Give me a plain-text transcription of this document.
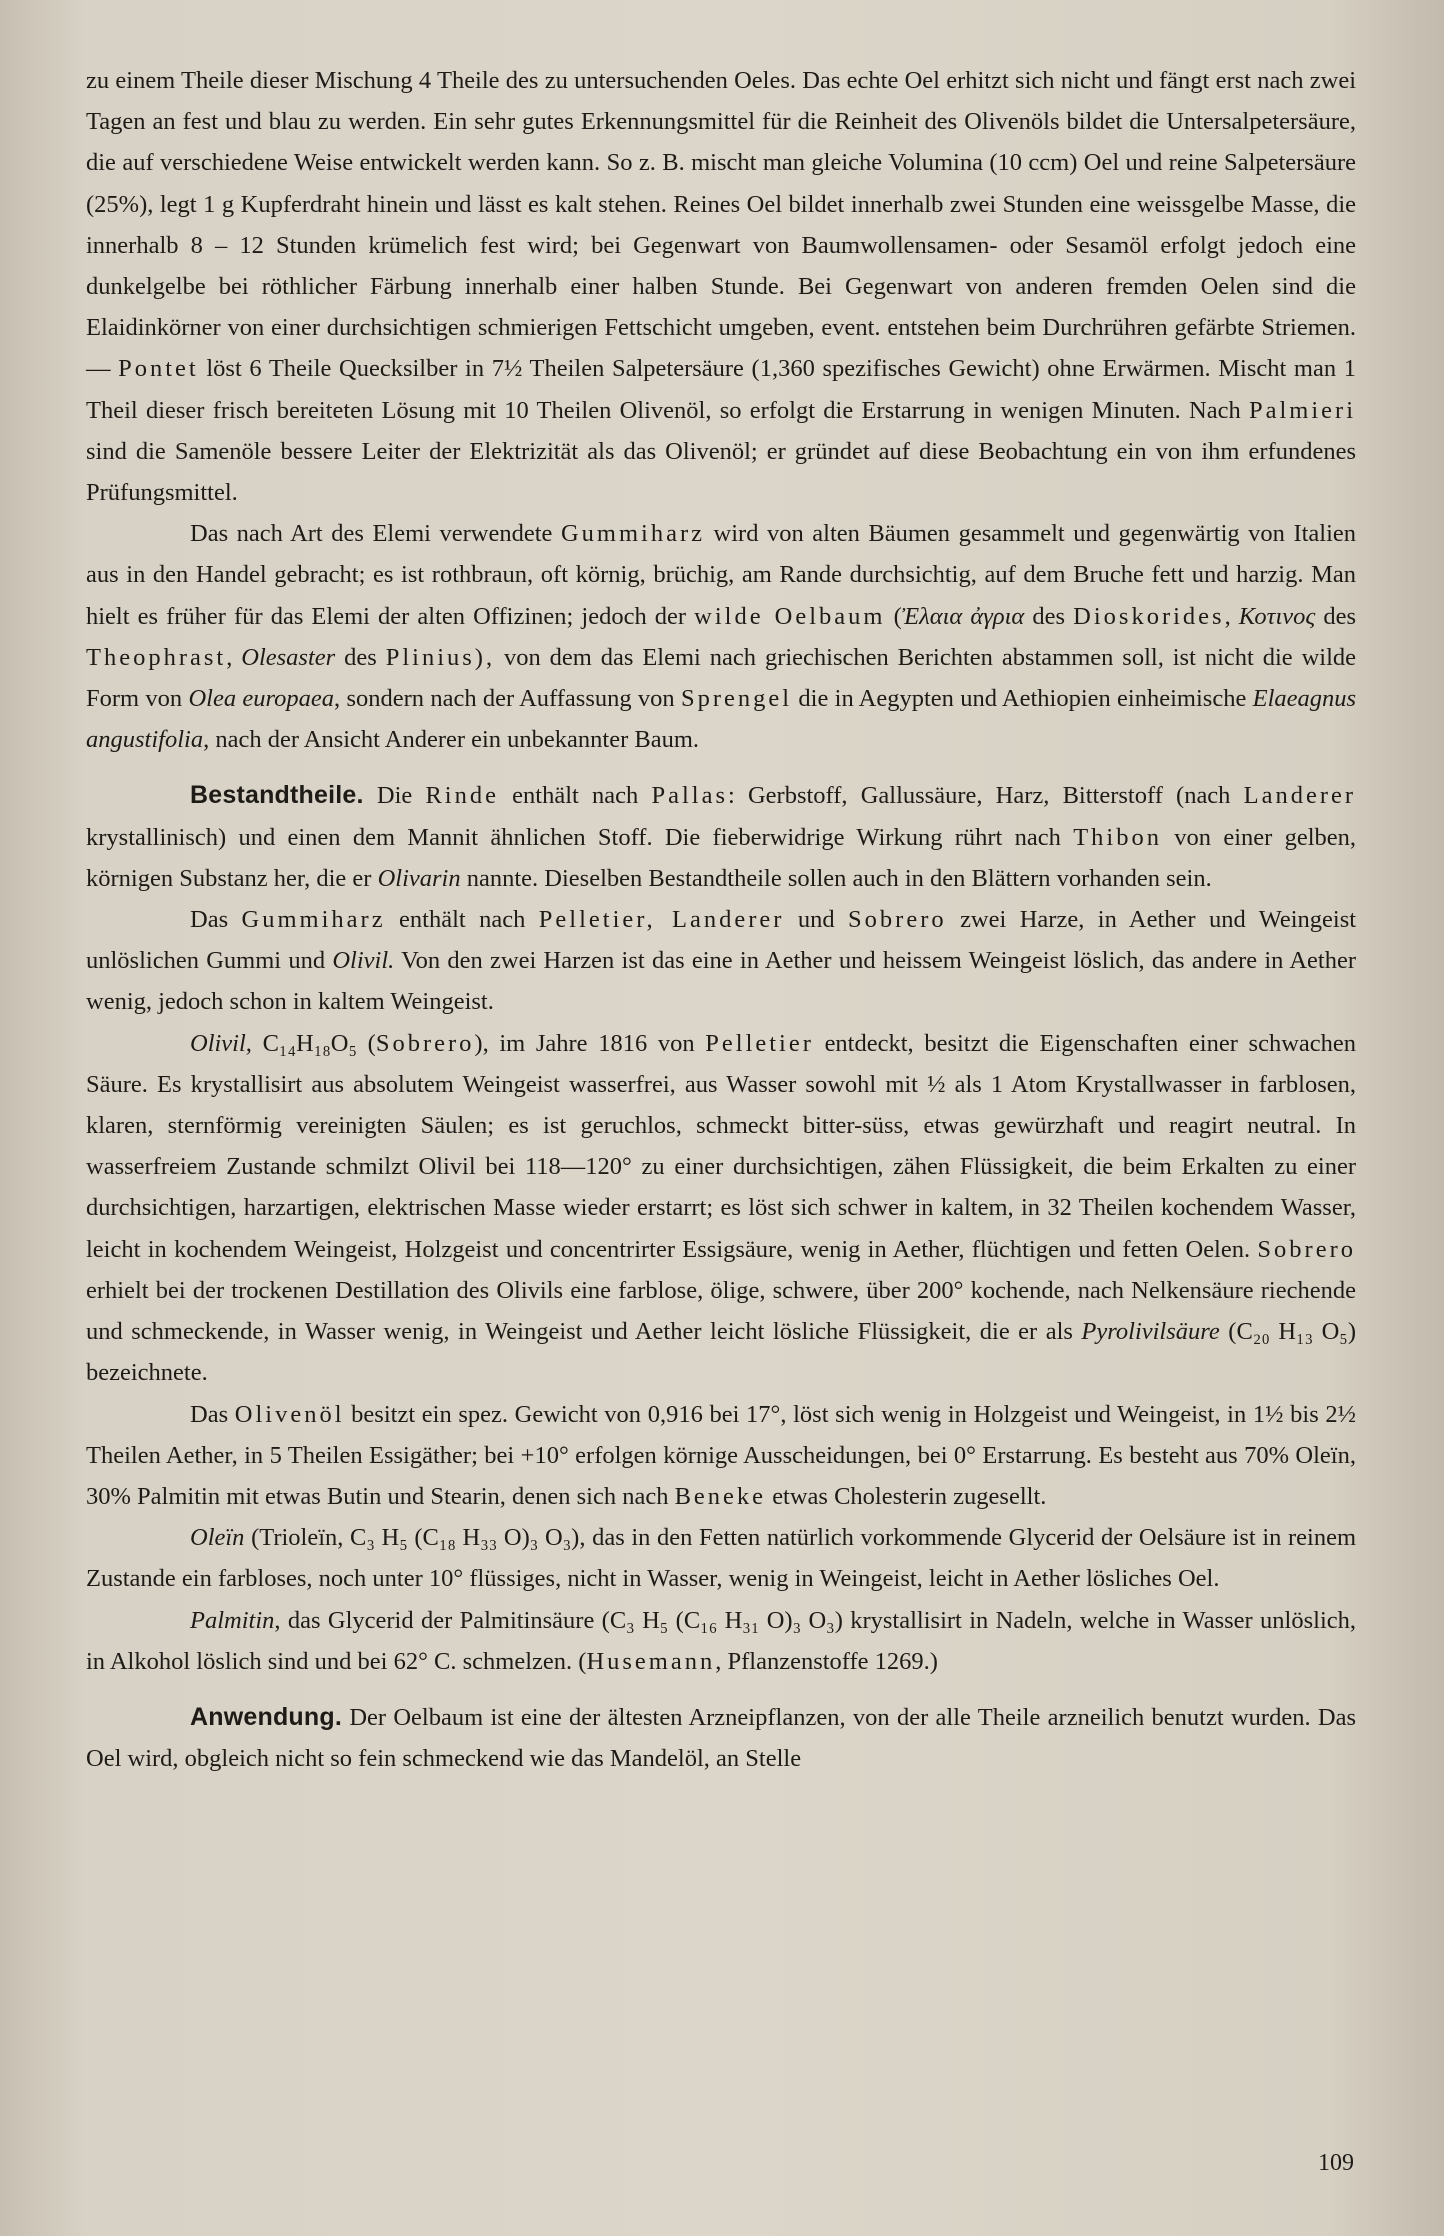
zu einem Theile dieser Mischung 4 Theile des zu untersuchenden Oeles. Das echte Oel erhitzt sich nicht und fängt erst nach zwei Tagen an fest und blau zu werden. Ein sehr gutes Erkennungsmittel für die Reinheit des Olivenöls bildet die Untersalpetersäure, die auf verschiedene Weise entwickelt werden kann. So z. B. mischt man gleiche Volumina (10 ccm) Oel und reine Salpetersäure (25%), legt 1 g Kupferdraht hinein und lässt es kalt stehen. Reines Oel bildet innerhalb zwei Stunden eine weissgelbe Masse, die innerhalb 8 – 12 Stunden krümelich fest wird; bei Gegenwart von Baumwollensamen- oder Sesamöl erfolgt jedoch eine dunkelgelbe bei röthlicher Färbung innerhalb einer halben Stunde. Bei Gegenwart von anderen fremden Oelen sind die Elaidinkörner von einer durchsichtigen schmierigen Fettschicht umgeben, event. entstehen beim Durchrühren gefärbte Striemen. — Pontet löst 6 Theile Quecksilber in 7½ Theilen Salpetersäure (1,360 spezifisches Gewicht) ohne Erwärmen. Mischt man 1 Theil dieser frisch bereiteten Lösung mit 10 Theilen Olivenöl, so erfolgt die Erstarrung in wenigen Minuten. Nach Palmieri sind die Samenöle bessere Leiter der Elektrizität als das Olivenöl; er gründet auf diese Beobachtung ein von ihm erfundenes Prüfungsmittel.

Das nach Art des Elemi verwendete Gummiharz wird von alten Bäumen gesammelt und gegenwärtig von Italien aus in den Handel gebracht; es ist rothbraun, oft körnig, brüchig, am Rande durchsichtig, auf dem Bruche fett und harzig. Man hielt es früher für das Elemi der alten Offizinen; jedoch der wilde Oelbaum (Ἐλαια ἀγρια des Dioskorides, Κοτινος des Theophrast, Olesaster des Plinius), von dem das Elemi nach griechischen Berichten abstammen soll, ist nicht die wilde Form von Olea europaea, sondern nach der Auffassung von Sprengel die in Aegypten und Aethiopien einheimische Elaeagnus angustifolia, nach der Ansicht Anderer ein unbekannter Baum.

Bestandtheile. Die Rinde enthält nach Pallas: Gerbstoff, Gallussäure, Harz, Bitterstoff (nach Landerer krystallinisch) und einen dem Mannit ähnlichen Stoff. Die fieberwidrige Wirkung rührt nach Thibon von einer gelben, körnigen Substanz her, die er Olivarin nannte. Dieselben Bestandtheile sollen auch in den Blättern vorhanden sein.

Das Gummiharz enthält nach Pelletier, Landerer und Sobrero zwei Harze, in Aether und Weingeist unlöslichen Gummi und Olivil. Von den zwei Harzen ist das eine in Aether und heissem Weingeist löslich, das andere in Aether wenig, jedoch schon in kaltem Weingeist.

Olivil, C₁₄H₁₈O₅ (Sobrero), im Jahre 1816 von Pelletier entdeckt, besitzt die Eigenschaften einer schwachen Säure. Es krystallisirt aus absolutem Weingeist wasserfrei, aus Wasser sowohl mit ½ als 1 Atom Krystallwasser in farblosen, klaren, sternförmig vereinigten Säulen; es ist geruchlos, schmeckt bitter-süss, etwas gewürzhaft und reagirt neutral. In wasserfreiem Zustande schmilzt Olivil bei 118—120° zu einer durchsichtigen, zähen Flüssigkeit, die beim Erkalten zu einer durchsichtigen, harzartigen, elektrischen Masse wieder erstarrt; es löst sich schwer in kaltem, in 32 Theilen kochendem Wasser, leicht in kochendem Weingeist, Holzgeist und concentrirter Essigsäure, wenig in Aether, flüchtigen und fetten Oelen. Sobrero erhielt bei der trockenen Destillation des Olivils eine farblose, ölige, schwere, über 200° kochende, nach Nelkensäure riechende und schmeckende, in Wasser wenig, in Weingeist und Aether leicht lösliche Flüssigkeit, die er als Pyrolivilsäure (C₂₀ H₁₃ O₅) bezeichnete.

Das Olivenöl besitzt ein spez. Gewicht von 0,916 bei 17°, löst sich wenig in Holzgeist und Weingeist, in 1½ bis 2½ Theilen Aether, in 5 Theilen Essigäther; bei +10° erfolgen körnige Ausscheidungen, bei 0° Erstarrung. Es besteht aus 70% Oleïn, 30% Palmitin mit etwas Butin und Stearin, denen sich nach Beneke etwas Cholesterin zugesellt.

Oleïn (Trioleïn, C₃ H₅ (C₁₈ H₃₃ O)₃ O₃), das in den Fetten natürlich vorkommende Glycerid der Oelsäure ist in reinem Zustande ein farbloses, noch unter 10° flüssiges, nicht in Wasser, wenig in Weingeist, leicht in Aether lösliches Oel.

Palmitin, das Glycerid der Palmitinsäure (C₃ H₅ (C₁₆ H₃₁ O)₃ O₃) krystallisirt in Nadeln, welche in Wasser unlöslich, in Alkohol löslich sind und bei 62° C. schmelzen. (Husemann, Pflanzenstoffe 1269.)

Anwendung. Der Oelbaum ist eine der ältesten Arzneipflanzen, von der alle Theile arzneilich benutzt wurden. Das Oel wird, obgleich nicht so fein schmeckend wie das Mandelöl, an Stelle

109
